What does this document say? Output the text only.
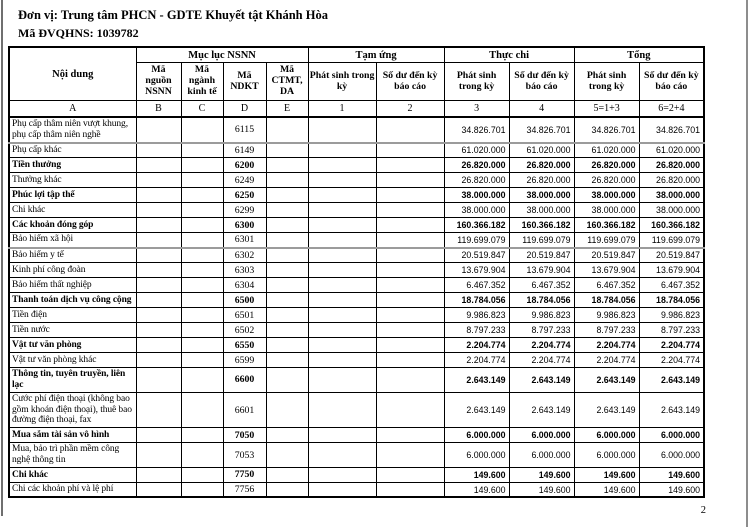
Đơn vị: Trung tâm PHCN - GDTE Khuyết tật Khánh Hòa
Mã ĐVQHNS: 1039782
Nội dung	Mục lục NSNN				Tạm ứng		Thực chi		Tổng	
	Mã nguồn NSNN	Mã ngành kinh tế	Mã NDKT	Mã CTMT, DA	Phát sinh trong kỳ	Số dư đến kỳ báo cáo	Phát sinh trong kỳ	Số dư đến kỳ báo cáo	Phát sinh trong kỳ	Số dư đến kỳ báo cáo
A	B	C	D	E	1	2	3	4	5=1+3	6=2+4
Phụ cấp thâm niên vượt khung, phụ cấp thâm niên nghề			6115				34.826.701	34.826.701	34.826.701	34.826.701
Phụ cấp khác			6149				61.020.000	61.020.000	61.020.000	61.020.000
Tiền thưởng			6200				26.820.000	26.820.000	26.820.000	26.820.000
Thưởng khác			6249				26.820.000	26.820.000	26.820.000	26.820.000
Phúc lợi tập thể			6250				38.000.000	38.000.000	38.000.000	38.000.000
Chi khác			6299				38.000.000	38.000.000	38.000.000	38.000.000
Các khoản đóng góp			6300				160.366.182	160.366.182	160.366.182	160.366.182
Bảo hiểm xã hội			6301				119.699.079	119.699.079	119.699.079	119.699.079
Bảo hiểm y tế			6302				20.519.847	20.519.847	20.519.847	20.519.847
Kinh phí công đoàn			6303				13.679.904	13.679.904	13.679.904	13.679.904
Bảo hiểm thất nghiệp			6304				6.467.352	6.467.352	6.467.352	6.467.352
Thanh toán dịch vụ công cộng			6500				18.784.056	18.784.056	18.784.056	18.784.056
Tiền điện			6501				9.986.823	9.986.823	9.986.823	9.986.823
Tiền nước			6502				8.797.233	8.797.233	8.797.233	8.797.233
Vật tư văn phòng			6550				2.204.774	2.204.774	2.204.774	2.204.774
Vật tư văn phòng khác			6599				2.204.774	2.204.774	2.204.774	2.204.774
Thông tin, tuyên truyền, liên lạc			6600				2.643.149	2.643.149	2.643.149	2.643.149
Cước phí điện thoại (không bao gồm khoán điện thoại), thuê bao đường điện thoại, fax			6601				2.643.149	2.643.149	2.643.149	2.643.149
Mua sắm tài sản vô hình			7050				6.000.000	6.000.000	6.000.000	6.000.000
Mua, bảo trì phần mềm công nghệ thông tin			7053				6.000.000	6.000.000	6.000.000	6.000.000
Chi khác			7750				149.600	149.600	149.600	149.600
Chi các khoản phí và lệ phí			7756				149.600	149.600	149.600	149.600
2
